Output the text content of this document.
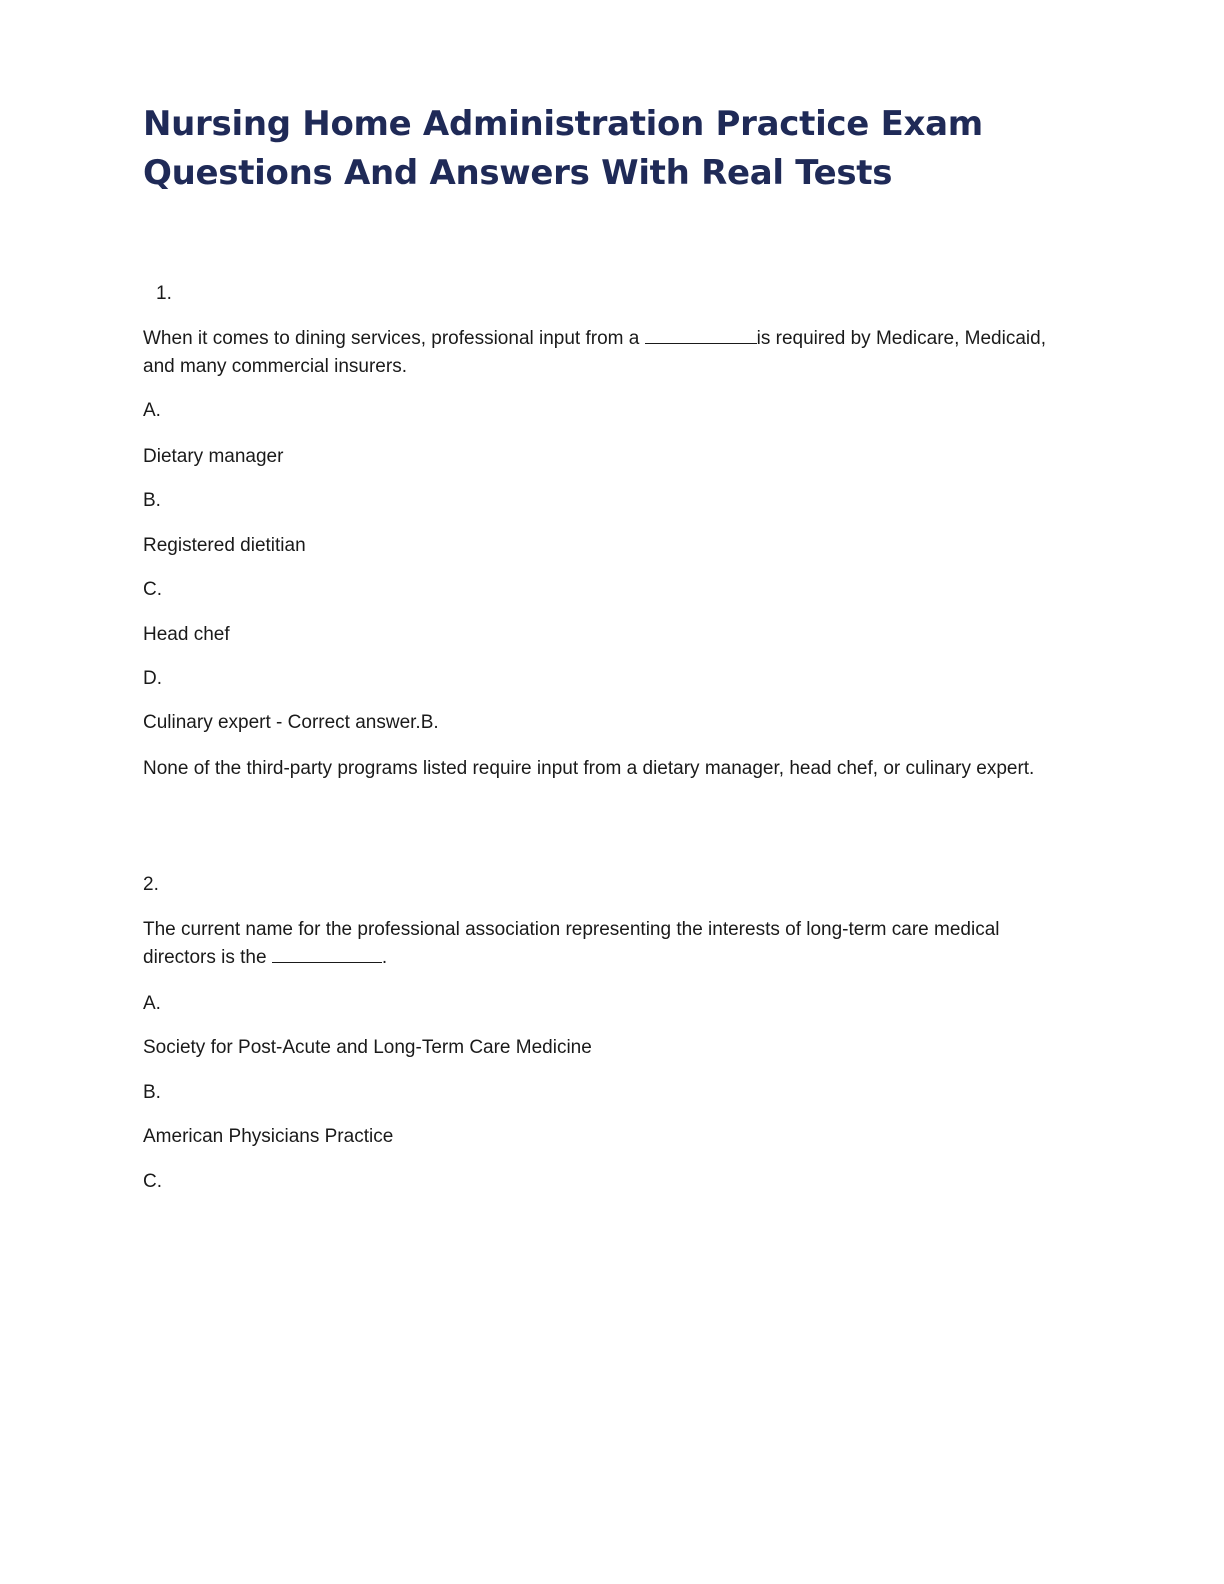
Nursing Home Administration Practice Exam Questions And Answers With Real Tests

1.

When it comes to dining services, professional input from a	is required by Medicare, Medicaid, and many commercial insurers.

A.

Dietary manager

B.

Registered dietitian

C.

Head chef

D.

Culinary expert - Correct answer.B.

None of the third-party programs listed require input from a dietary manager, head chef, or culinary expert.

2.

The current name for the professional association representing the interests of long-term care medical directors is the	.

A.

Society for Post-Acute and Long-Term Care Medicine

B.

American Physicians Practice

C.
